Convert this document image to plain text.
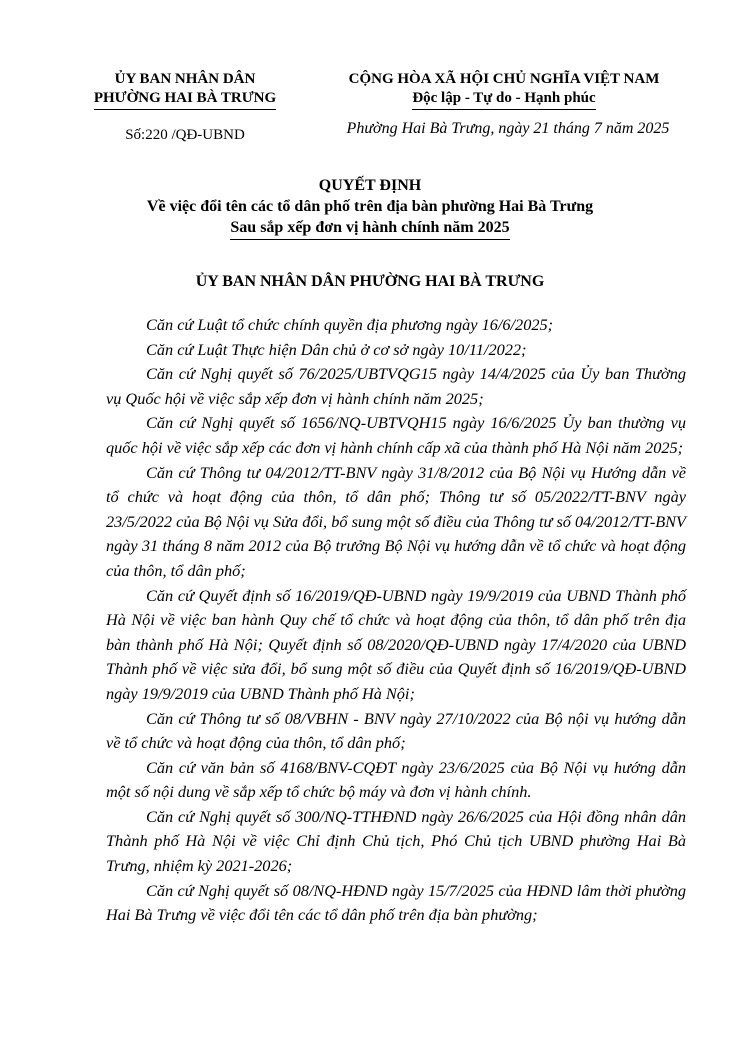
ỦY BAN NHÂN DÂN
PHƯỜNG HAI BÀ TRƯNG
Số:220 /QĐ-UBND
CỘNG HÒA XÃ HỘI CHỦ NGHĨA VIỆT NAM
Độc lập - Tự do - Hạnh phúc
Phường Hai Bà Trưng, ngày 21 tháng 7 năm 2025
QUYẾT ĐỊNH
Về việc đổi tên các tổ dân phố trên địa bàn phường Hai Bà Trưng
Sau sắp xếp đơn vị hành chính năm 2025
ỦY BAN NHÂN DÂN PHƯỜNG HAI BÀ TRƯNG

Căn cứ Luật tổ chức chính quyền địa phương ngày 16/6/2025;

Căn cứ Luật Thực hiện Dân chủ ở cơ sở ngày 10/11/2022;

Căn cứ Nghị quyết số 76/2025/UBTVQG15 ngày 14/4/2025 của Ủy ban Thường vụ Quốc hội về việc sắp xếp đơn vị hành chính năm 2025;

Căn cứ Nghị quyết số 1656/NQ-UBTVQH15 ngày 16/6/2025 Ủy ban thường vụ quốc hội về việc sắp xếp các đơn vị hành chính cấp xã của thành phố Hà Nội năm 2025;

Căn cứ Thông tư 04/2012/TT-BNV ngày 31/8/2012 của Bộ Nội vụ Hướng dẫn về tổ chức và hoạt động của thôn, tổ dân phố; Thông tư số 05/2022/TT-BNV ngày 23/5/2022 của Bộ Nội vụ Sửa đổi, bổ sung một số điều của Thông tư số 04/2012/TT-BNV ngày 31 tháng 8 năm 2012 của Bộ trưởng Bộ Nội vụ hướng dẫn về tổ chức và hoạt động của thôn, tổ dân phố;

Căn cứ Quyết định số 16/2019/QĐ-UBND ngày 19/9/2019 của UBND Thành phố Hà Nội về việc ban hành Quy chế tổ chức và hoạt động của thôn, tổ dân phố trên địa bàn thành phố Hà Nội; Quyết định số 08/2020/QĐ-UBND ngày 17/4/2020 của UBND Thành phố về việc sửa đổi, bổ sung một số điều của Quyết định số 16/2019/QĐ-UBND ngày 19/9/2019 của UBND Thành phố Hà Nội;

Căn cứ Thông tư số 08/VBHN - BNV ngày 27/10/2022 của Bộ nội vụ hướng dẫn về tổ chức và hoạt động của thôn, tổ dân phố;

Căn cứ văn bản số 4168/BNV-CQĐT ngày 23/6/2025 của Bộ Nội vụ hướng dẫn một số nội dung về sắp xếp tổ chức bộ máy và đơn vị hành chính.

Căn cứ Nghị quyết số 300/NQ-TTHĐND ngày 26/6/2025 của Hội đồng nhân dân Thành phố Hà Nội về việc Chỉ định Chủ tịch, Phó Chủ tịch UBND phường Hai Bà Trưng, nhiệm kỳ 2021-2026;

Căn cứ Nghị quyết số 08/NQ-HĐND ngày 15/7/2025 của HĐND lâm thời phường Hai Bà Trưng về việc đổi tên các tổ dân phố trên địa bàn phường;
